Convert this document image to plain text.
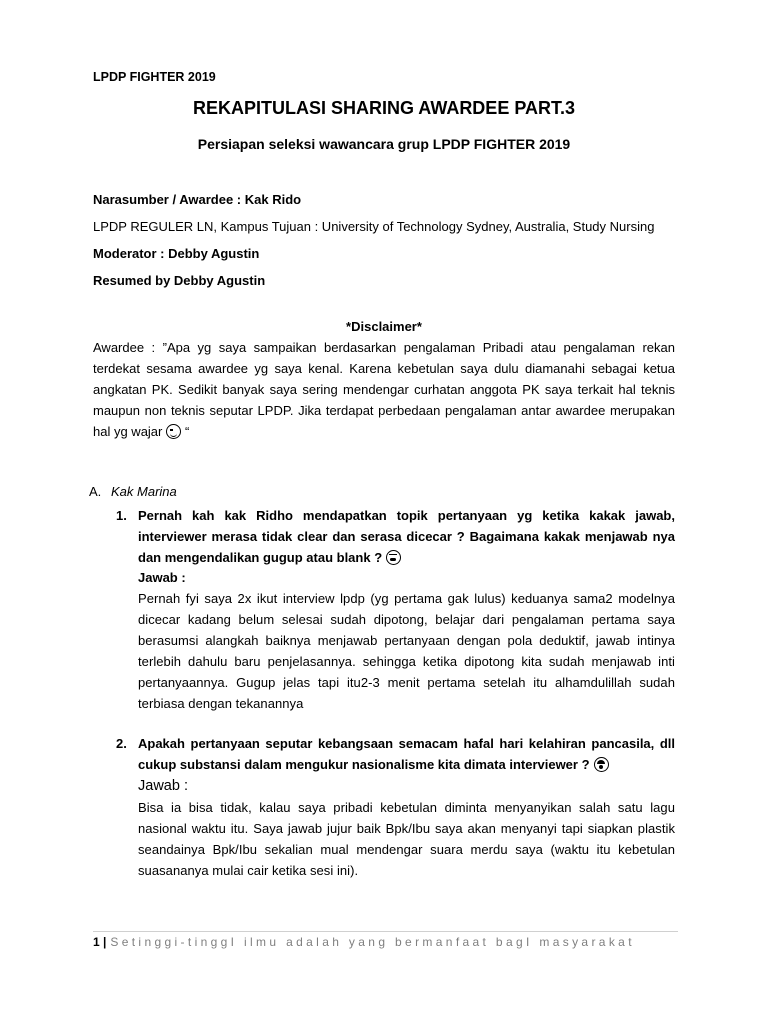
LPDP FIGHTER 2019
REKAPITULASI SHARING AWARDEE PART.3
Persiapan seleksi wawancara grup LPDP FIGHTER 2019
Narasumber / Awardee : Kak Rido
LPDP REGULER LN, Kampus Tujuan : University of Technology Sydney, Australia, Study Nursing
Moderator : Debby Agustin
Resumed by Debby Agustin
*Disclaimer*
Awardee : ”Apa yg saya sampaikan berdasarkan pengalaman Pribadi atau pengalaman rekan terdekat sesama awardee yg saya kenal. Karena kebetulan saya dulu diamanahi sebagai ketua angkatan PK. Sedikit banyak saya sering mendengar curhatan anggota PK saya terkait hal teknis maupun non teknis seputar LPDP. Jika terdapat perbedaan pengalaman antar awardee merupakan hal yg wajar “
A. Kak Marina
1. Pernah kah kak Ridho mendapatkan topik pertanyaan yg ketika kakak jawab, interviewer merasa tidak clear dan serasa dicecar ? Bagaimana kakak menjawab nya dan mengendalikan gugup atau blank ?
Jawab :
Pernah fyi saya 2x ikut interview lpdp (yg pertama gak lulus) keduanya sama2 modelnya dicecar kadang belum selesai sudah dipotong, belajar dari pengalaman pertama saya berasumsi alangkah baiknya menjawab pertanyaan dengan pola deduktif, jawab intinya terlebih dahulu baru penjelasannya. sehingga ketika dipotong kita sudah menjawab inti pertanyaannya. Gugup jelas tapi itu2-3 menit pertama setelah itu alhamdulillah sudah terbiasa dengan tekanannya
2. Apakah pertanyaan seputar kebangsaan semacam hafal hari kelahiran pancasila, dll cukup substansi dalam mengukur nasionalisme kita dimata interviewer ?
Jawab :
Bisa ia bisa tidak, kalau saya pribadi kebetulan diminta menyanyikan salah satu lagu nasional waktu itu. Saya jawab jujur baik Bpk/Ibu saya akan menyanyi tapi siapkan plastik seandainya Bpk/Ibu sekalian mual mendengar suara merdu saya (waktu itu kebetulan suasananya mulai cair ketika sesi ini).
1 | Setinggi-tinggI ilmu adalah yang bermanfaat bagI masyarakat
